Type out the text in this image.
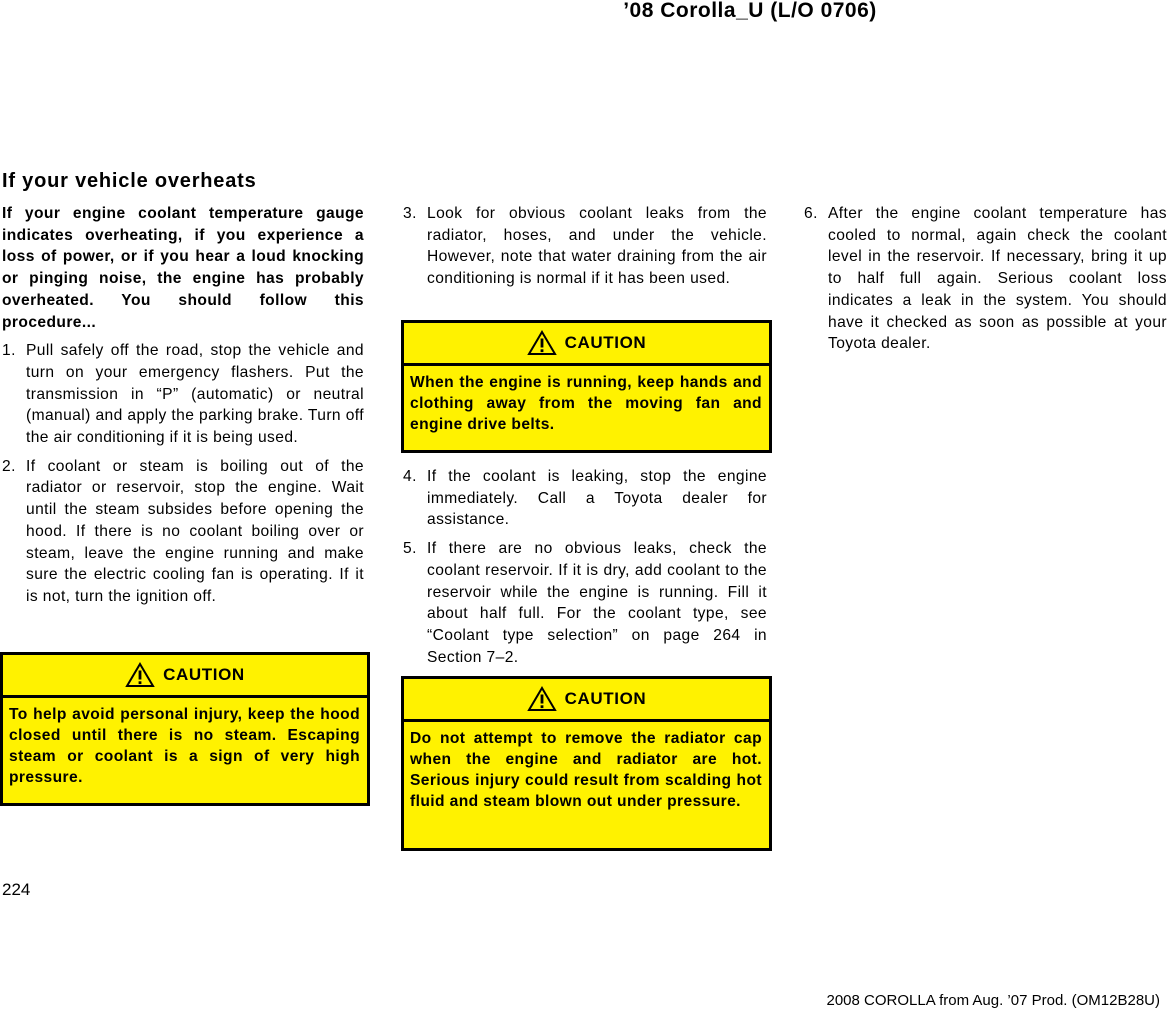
’08 Corolla_U (L/O 0706)
If your vehicle overheats

If your engine coolant temperature gauge indicates overheating, if you experience a loss of power, or if you hear a loud knocking or pinging noise, the engine has probably overheated. You should follow this procedure...

1. Pull safely off the road, stop the vehicle and turn on your emergency flashers. Put the transmission in “P” (automatic) or neutral (manual) and apply the parking brake. Turn off the air conditioning if it is being used.

2. If coolant or steam is boiling out of the radiator or reservoir, stop the engine. Wait until the steam subsides before opening the hood. If there is no coolant boiling over or steam, leave the engine running and make sure the electric cooling fan is operating. If it is not, turn the ignition off.

CAUTION
To help avoid personal injury, keep the hood closed until there is no steam. Escaping steam or coolant is a sign of very high pressure.

3. Look for obvious coolant leaks from the radiator, hoses, and under the vehicle. However, note that water draining from the air conditioning is normal if it has been used.

CAUTION
When the engine is running, keep hands and clothing away from the moving fan and engine drive belts.

4. If the coolant is leaking, stop the engine immediately. Call a Toyota dealer for assistance.

5. If there are no obvious leaks, check the coolant reservoir. If it is dry, add coolant to the reservoir while the engine is running. Fill it about half full. For the coolant type, see “Coolant type selection” on page 264 in Section 7–2.

CAUTION
Do not attempt to remove the radiator cap when the engine and radiator are hot. Serious injury could result from scalding hot fluid and steam blown out under pressure.

6. After the engine coolant temperature has cooled to normal, again check the coolant level in the reservoir. If necessary, bring it up to half full again. Serious coolant loss indicates a leak in the system. You should have it checked as soon as possible at your Toyota dealer.

224
2008 COROLLA from Aug. ’07 Prod. (OM12B28U)
